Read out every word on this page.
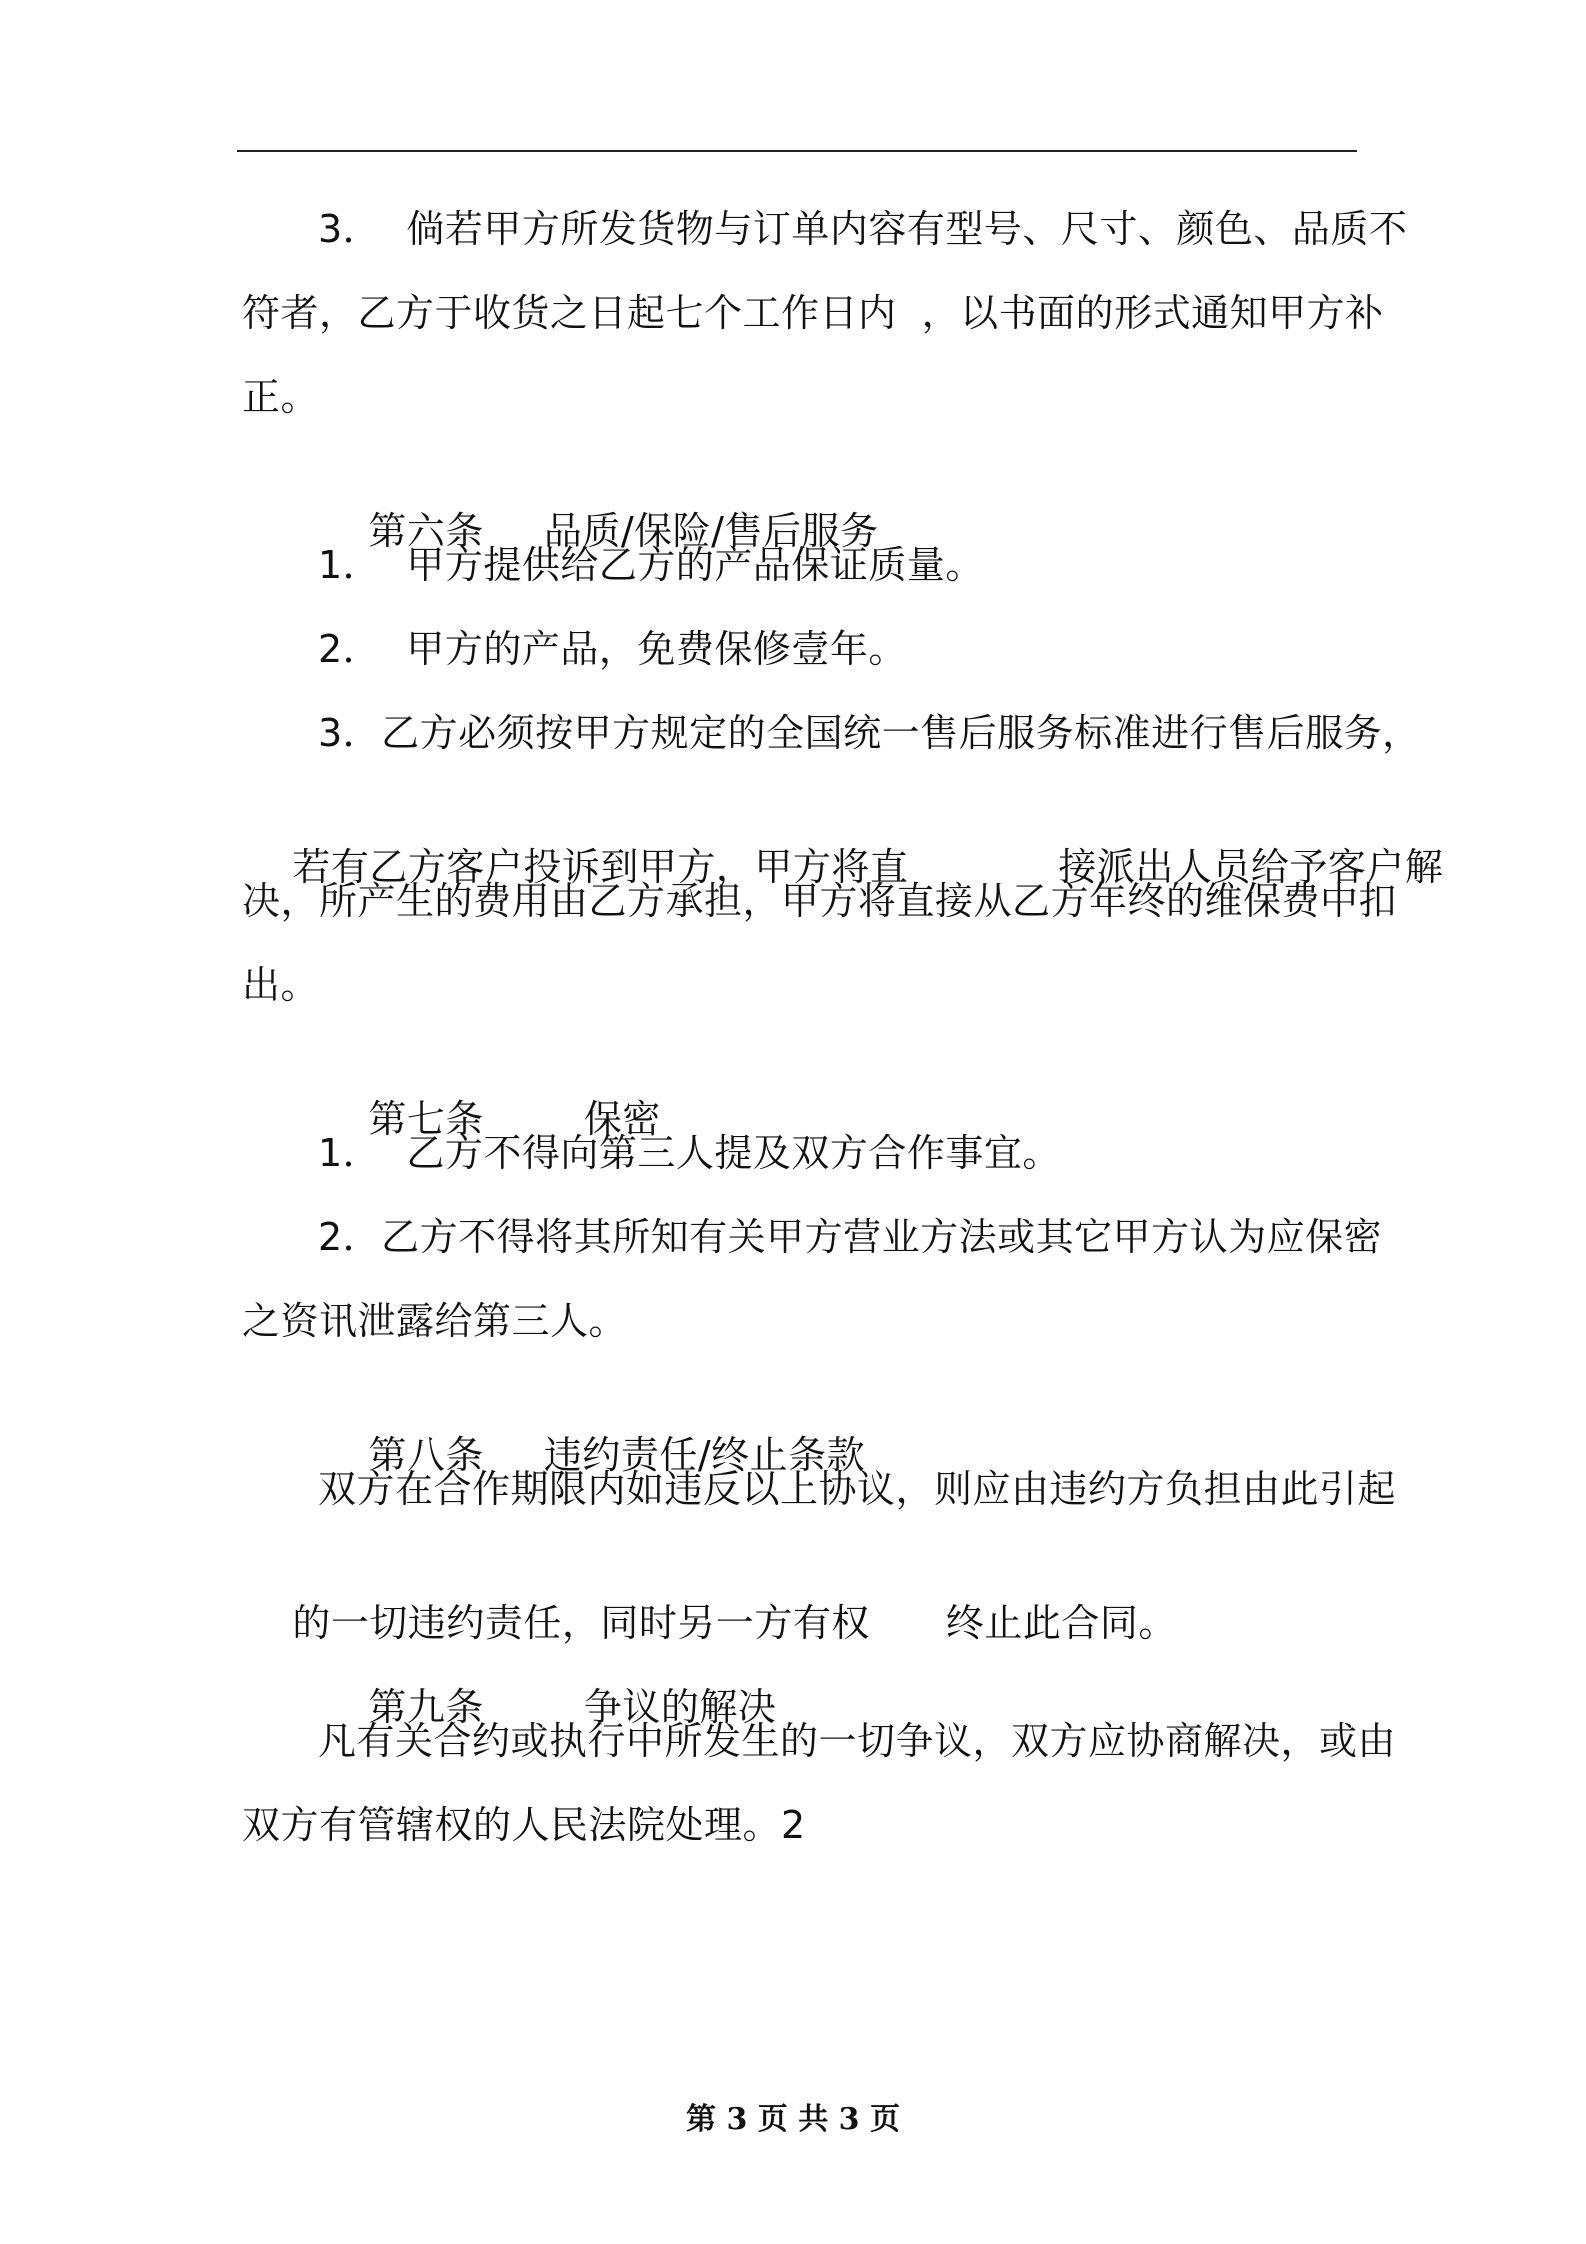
3．  倘若甲方所发货物与订单内容有型号、尺寸、颜色、品质不
符者，乙方于收货之日起七个工作日内  ，以书面的形式通知甲方补
正。

第六条 品质/保险/售后服务

1．  甲方提供给乙方的产品保证质量。
2．  甲方的产品，免费保修壹年。
3．乙方必须按甲方规定的全国统一售后服务标准进行售后服务，

若有乙方客户投诉到甲方，甲方将直	接派出人员给予客户解

决，所产生的费用由乙方承担，甲方将直接从乙方年终的维保费中扣
出。

第七条	保密

1．  乙方不得向第三人提及双方合作事宜。
2．乙方不得将其所知有关甲方营业方法或其它甲方认为应保密
之资讯泄露给第三人。

第八条 违约责任/终止条款

双方在合作期限内如违反以上协议，则应由违约方负担由此引起

的一切违约责任，同时另一方有权 终止此合同。

第九条	争议的解决

凡有关合约或执行中所发生的一切争议，双方应协商解决，或由
双方有管辖权的人民法院处理。2
第 3 页 共 3 页
